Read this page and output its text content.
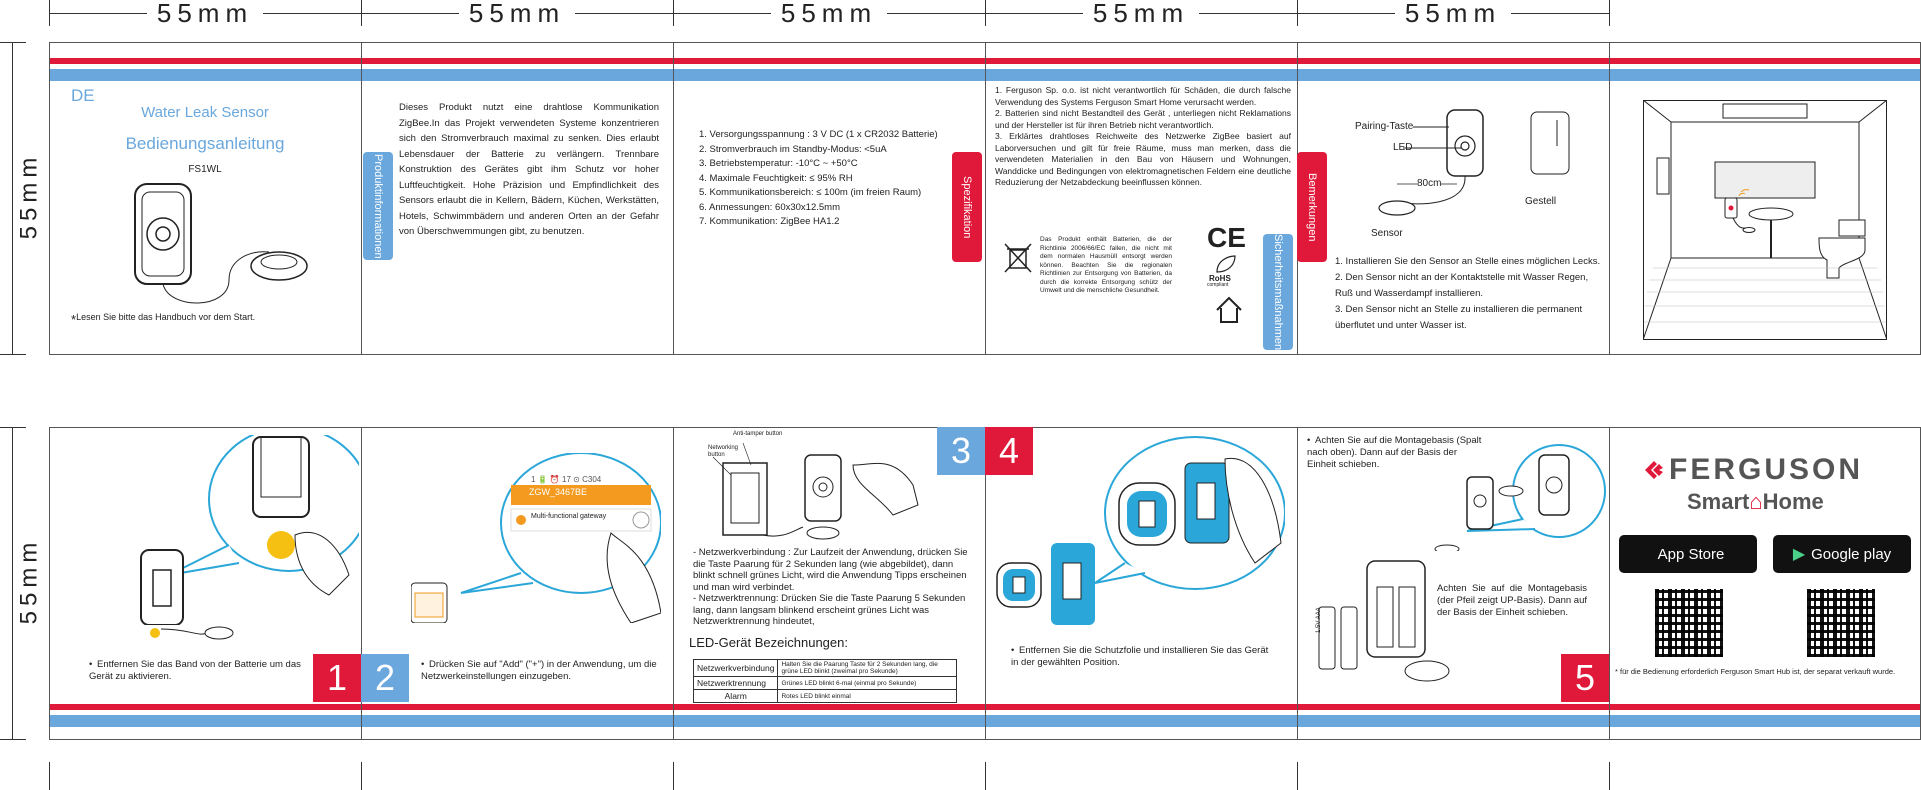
55mm	55mm	55mm	55mm	55mm
55mm
55mm
DE
Water Leak Sensor
Bedienungsanleitung
FS1WL
*Lesen Sie bitte das Handbuch vor dem Start.
Produktinformationen
Dieses Produkt nutzt eine drahtlose Kommunikation ZigBee.In das Projekt verwendeten Systeme konzentrieren sich den Stromverbrauch maximal zu senken. Dies erlaubt Lebensdauer der Batterie zu verlängern. Trennbare Konstruktion des Gerätes gibt ihm Schutz vor hoher Luftfeuchtigkeit. Hohe Präzision und Empfindlichkeit des Sensors erlaubt die in Kellern, Bädern, Küchen, Werkstätten, Hotels, Schwimmbädern und anderen Orten an der Gefahr von Überschwemmungen gibt, zu benutzen.
1. Versorgungsspannung : 3 V DC (1 x CR2032 Batterie)
2. Stromverbrauch im Standby-Modus: <5uA
3. Betriebstemperatur: -10°C ~ +50°C
4. Maximale Feuchtigkeit: ≤ 95% RH
5. Kommunikationsbereich: ≤ 100m (im freien Raum)
6. Anmessungen: 60x30x12.5mm
7. Kommunikation: ZigBee HA1.2	Spezifikation
1. Ferguson Sp. o.o. ist nicht verantwortlich für Schäden, die durch falsche Verwendung des Systems Ferguson Smart Home verursacht werden.
2. Batterien sind nicht Bestandteil des Gerät , unterliegen nicht Reklamations und der Hersteller ist für ihren Betrieb nicht verantwortlich.
3. Erklärtes drahtloses Reichweite des Netzwerke ZigBee basiert auf Laborversuchen und gilt für freie Räume, muss man merken, dass die verwendeten Materialien in den Bau von Häusern und Wohnungen, Wanddicke und Bedingungen von elektromagnetischen Feldern eine deutliche Reduzierung der Netzabdeckung beeinflussen können.
Das Produkt enthält Batterien, die der Richtlinie 2006/66/EC fallen, die nicht mit dem normalen Hausmüll entsorgt werden können. Beachten Sie die regionalen Richtlinien zur Entsorgung von Batterien, da durch die korrekte Entsorgung schütz der Umwelt und die menschliche Gesundheit.
CE
RoHS
compliant	Sicherheitsmaßnahmen
Bemerkungen
Pairing-Taste
LED
80cm
Sensor
Gestell
1. Installieren Sie den Sensor an Stelle eines möglichen Lecks.
2. Den Sensor nicht an der Kontaktstelle mit Wasser Regen, Ruß und Wasserdampf installieren.
3. Den Sensor nicht an Stelle zu installieren die permanent überflutet und unter Wasser ist.
• Entfernen Sie das Band von der Batterie um das Gerät zu aktivieren.	1 2
1 🔋 ⏰ 17 ⊙ C304
ZGW_3467BE
Multi-functional gateway
• Drücken Sie auf "Add" ("+") in der Anwendung, um die Netzwerkeinstellungen einzugeben.
3
Anti-tamper button
Networking button
- Netzwerkverbindung : Zur Laufzeit der Anwendung, drücken Sie die Taste Paarung für 2 Sekunden lang (wie abgebildet), dann blinkt schnell grünes Licht, wird die Anwendung Tipps erscheinen und man wird verbindet.
- Netzwerktrennung: Drücken Sie die Taste Paarung 5 Sekunden lang, dann langsam blinkend erscheint grünes Licht was Netzwerktrennung hindeutet,
LED-Gerät Bezeichnungen:
Netzwerkverbindung	Halten Sie die Paarung Taste für 2 Sekunden lang, die grüne LED blinkt (zweimal pro Sekunde)
Netzwerktrennung	Grünes LED blinkt 6-mal (einmal pro Sekunde)
Alarm	Rotes LED blinkt einmal
4
• Entfernen Sie die Schutzfolie und installieren Sie das Gerät in der gewählten Position.
• Achten Sie auf die Montagebasis (Spalt nach oben). Dann auf der Basis der Einheit schieben.
1.5V AAA
Achten Sie auf die Montagebasis (der Pfeil zeigt UP-Basis). Dann auf der Basis der Einheit schieben.
5
FERGUSON
Smart⌂Home
App Store	▶ Google play
* für die Bedienung erforderlich Ferguson Smart Hub ist, der separat verkauft wurde.
